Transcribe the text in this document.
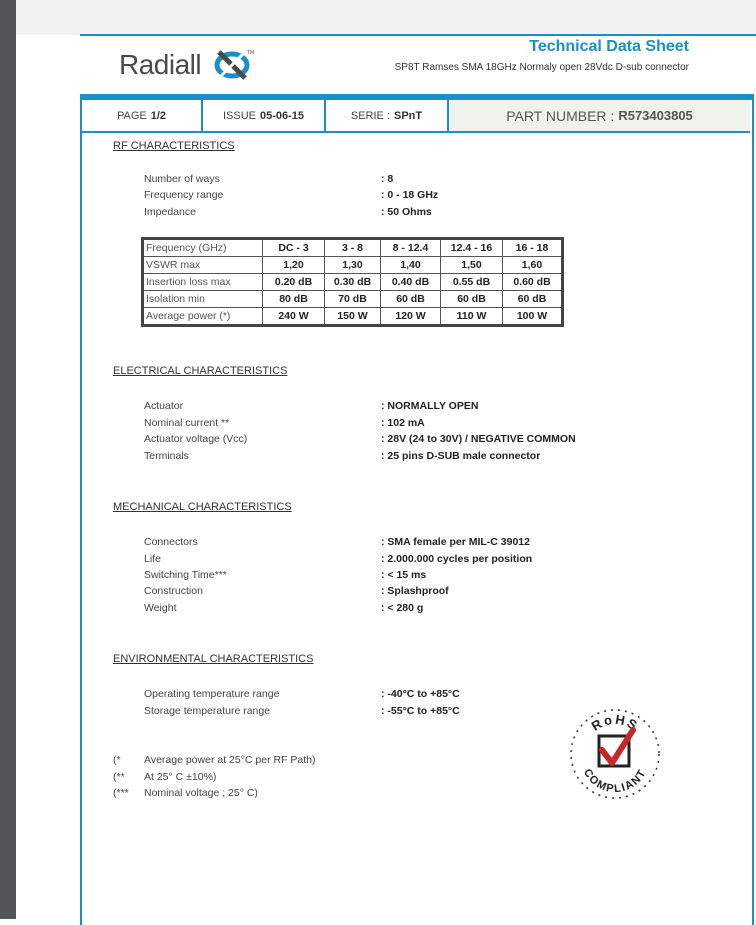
Radiall	TM	Technical Data Sheet
SP8T Ramses SMA 18GHz Normaly open 28Vdc D-sub connector
PAGE 1/2	ISSUE 05-06-15	SERIE : SPnT	PART NUMBER : R573403805
RF CHARACTERISTICS
Number of ways	: 8
Frequency range	: 0 - 18 GHz
Impedance	: 50 Ohms
Frequency (GHz)	DC - 3	3 - 8	8 - 12.4	12.4 - 16	16 - 18
VSWR max	1,20	1,30	1,40	1,50	1,60
Insertion loss max	0.20 dB	0.30 dB	0.40 dB	0.55 dB	0.60 dB
Isolation min	80 dB	70 dB	60 dB	60 dB	60 dB
Average power (*)	240 W	150 W	120 W	110 W	100 W
ELECTRICAL CHARACTERISTICS
Actuator	: NORMALLY OPEN
Nominal current **	: 102 mA
Actuator voltage (Vcc)	: 28V (24 to 30V) / NEGATIVE COMMON
Terminals	: 25 pins D-SUB male connector
MECHANICAL CHARACTERISTICS
Connectors	: SMA female per MIL-C 39012
Life	: 2.000.000 cycles per position
Switching Time***	: < 15 ms
Construction	: Splashproof
Weight	: < 280 g
ENVIRONMENTAL CHARACTERISTICS
Operating temperature range	: -40°C to +85°C
Storage temperature range	: -55°C to +85°C
(* Average power at 25°C per RF Path)
(** At 25° C ±10%)
(*** Nominal voltage ; 25° C)
RoHS
COMPLIANT
